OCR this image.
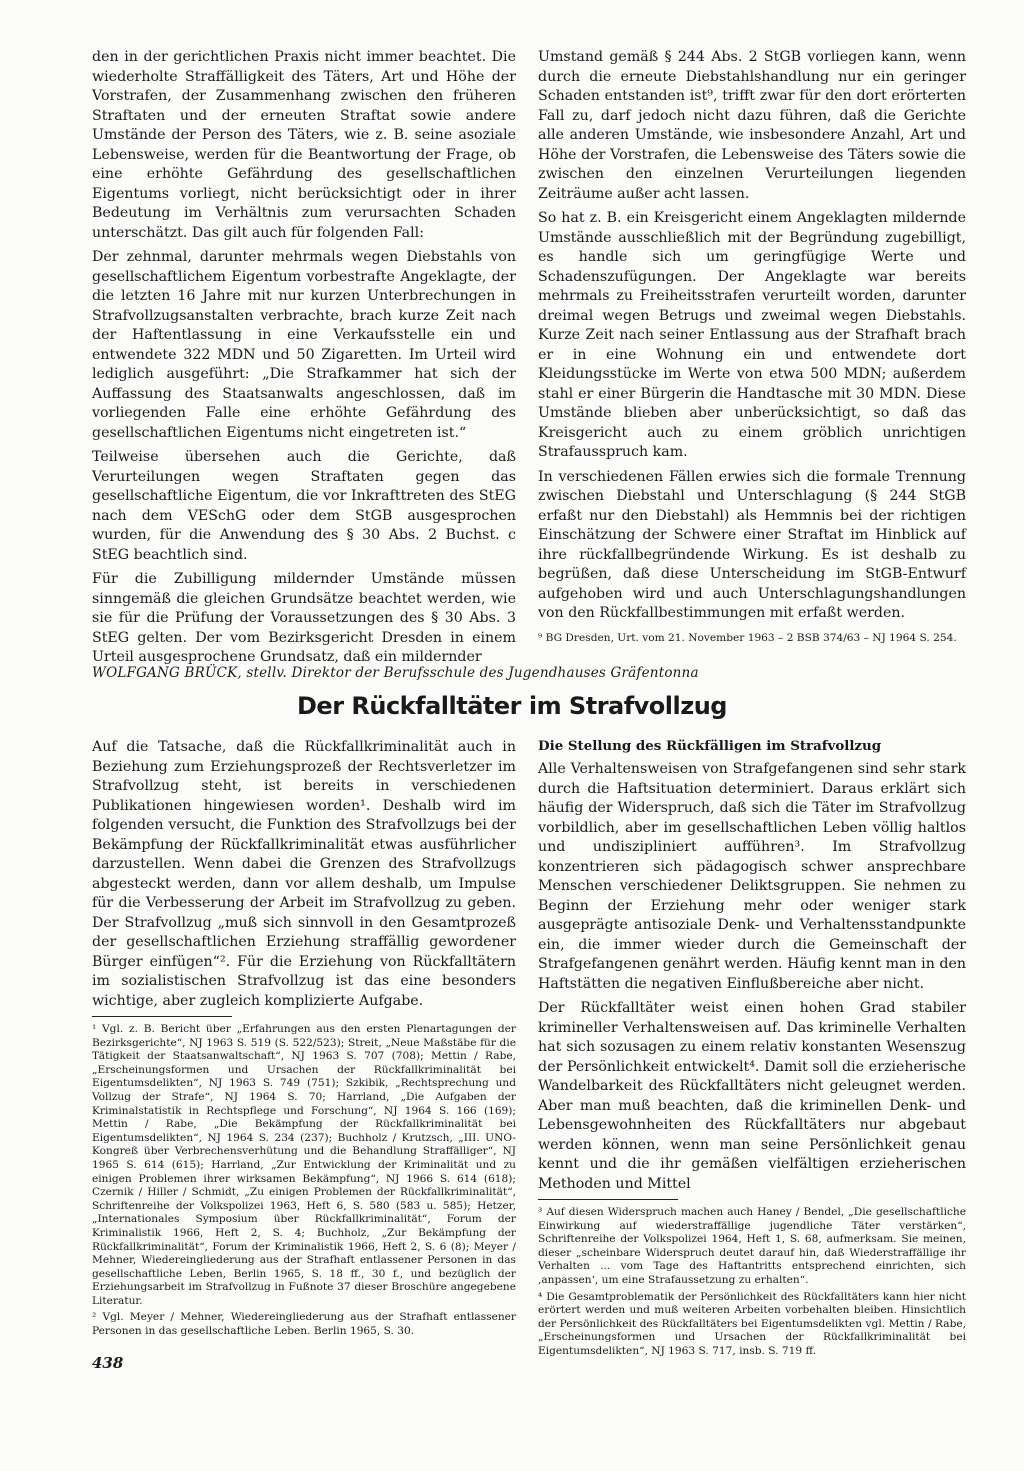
den in der gerichtlichen Praxis nicht immer beachtet. Die wiederholte Straffälligkeit des Täters, Art und Höhe der Vorstrafen, der Zusammenhang zwischen den früheren Straftaten und der erneuten Straftat sowie andere Umstände der Person des Täters, wie z. B. seine asoziale Lebensweise, werden für die Beantwortung der Frage, ob eine erhöhte Gefährdung des gesellschaftlichen Eigentums vorliegt, nicht berücksichtigt oder in ihrer Bedeutung im Verhältnis zum verursachten Schaden unterschätzt. Das gilt auch für folgenden Fall:

Der zehnmal, darunter mehrmals wegen Diebstahls von gesellschaftlichem Eigentum vorbestrafte Angeklagte, der die letzten 16 Jahre mit nur kurzen Unterbrechungen in Strafvollzugsanstalten verbrachte, brach kurze Zeit nach der Haftentlassung in eine Verkaufsstelle ein und entwendete 322 MDN und 50 Zigaretten. Im Urteil wird lediglich ausgeführt: „Die Strafkammer hat sich der Auffassung des Staatsanwalts angeschlossen, daß im vorliegenden Falle eine erhöhte Gefährdung des gesellschaftlichen Eigentums nicht eingetreten ist.“

Teilweise übersehen auch die Gerichte, daß Verurteilungen wegen Straftaten gegen das gesellschaftliche Eigentum, die vor Inkrafttreten des StEG nach dem VESchG oder dem StGB ausgesprochen wurden, für die Anwendung des § 30 Abs. 2 Buchst. c StEG beachtlich sind.

Für die Zubilligung mildernder Umstände müssen sinngemäß die gleichen Grundsätze beachtet werden, wie sie für die Prüfung der Voraussetzungen des § 30 Abs. 3 StEG gelten. Der vom Bezirksgericht Dresden in einem Urteil ausgesprochene Grundsatz, daß ein mildernder

Umstand gemäß § 244 Abs. 2 StGB vorliegen kann, wenn durch die erneute Diebstahlshandlung nur ein geringer Schaden entstanden ist⁹, trifft zwar für den dort erörterten Fall zu, darf jedoch nicht dazu führen, daß die Gerichte alle anderen Umstände, wie insbesondere Anzahl, Art und Höhe der Vorstrafen, die Lebensweise des Täters sowie die zwischen den einzelnen Verurteilungen liegenden Zeiträume außer acht lassen.

So hat z. B. ein Kreisgericht einem Angeklagten mildernde Umstände ausschließlich mit der Begründung zugebilligt, es handle sich um geringfügige Werte und Schadenszufügungen. Der Angeklagte war bereits mehrmals zu Freiheitsstrafen verurteilt worden, darunter dreimal wegen Betrugs und zweimal wegen Diebstahls. Kurze Zeit nach seiner Entlassung aus der Strafhaft brach er in eine Wohnung ein und entwendete dort Kleidungsstücke im Werte von etwa 500 MDN; außerdem stahl er einer Bürgerin die Handtasche mit 30 MDN. Diese Umstände blieben aber unberücksichtigt, so daß das Kreisgericht auch zu einem gröblich unrichtigen Strafausspruch kam.

In verschiedenen Fällen erwies sich die formale Trennung zwischen Diebstahl und Unterschlagung (§ 244 StGB erfaßt nur den Diebstahl) als Hemmnis bei der richtigen Einschätzung der Schwere einer Straftat im Hinblick auf ihre rückfallbegründende Wirkung. Es ist deshalb zu begrüßen, daß diese Unterscheidung im StGB-Entwurf aufgehoben wird und auch Unterschlagungshandlungen von den Rückfallbestimmungen mit erfaßt werden.

⁹ BG Dresden, Urt. vom 21. November 1963 – 2 BSB 374/63 – NJ 1964 S. 254.

WOLFGANG BRÜCK, stellv. Direktor der Berufsschule des Jugendhauses Gräfentonna
Der Rückfalltäter im Strafvollzug

Auf die Tatsache, daß die Rückfallkriminalität auch in Beziehung zum Erziehungsprozeß der Rechtsverletzer im Strafvollzug steht, ist bereits in verschiedenen Publikationen hingewiesen worden¹. Deshalb wird im folgenden versucht, die Funktion des Strafvollzugs bei der Bekämpfung der Rückfallkriminalität etwas ausführlicher darzustellen. Wenn dabei die Grenzen des Strafvollzugs abgesteckt werden, dann vor allem deshalb, um Impulse für die Verbesserung der Arbeit im Strafvollzug zu geben. Der Strafvollzug „muß sich sinnvoll in den Gesamtprozeß der gesellschaftlichen Erziehung straffällig gewordener Bürger einfügen“². Für die Erziehung von Rückfalltätern im sozialistischen Strafvollzug ist das eine besonders wichtige, aber zugleich komplizierte Aufgabe.

¹ Vgl. z. B. Bericht über „Erfahrungen aus den ersten Plenartagungen der Bezirksgerichte“, NJ 1963 S. 519 (S. 522/523); Streit, „Neue Maßstäbe für die Tätigkeit der Staatsanwaltschaft“, NJ 1963 S. 707 (708); Mettin / Rabe, „Erscheinungsformen und Ursachen der Rückfallkriminalität bei Eigentumsdelikten“, NJ 1963 S. 749 (751); Szkibik, „Rechtsprechung und Vollzug der Strafe“, NJ 1964 S. 70; Harrland, „Die Aufgaben der Kriminalstatistik in Rechtspflege und Forschung“, NJ 1964 S. 166 (169); Mettin / Rabe, „Die Bekämpfung der Rückfallkriminalität bei Eigentumsdelikten“, NJ 1964 S. 234 (237); Buchholz / Krutzsch, „III. UNO-Kongreß über Verbrechensverhütung und die Behandlung Straffälliger“, NJ 1965 S. 614 (615); Harrland, „Zur Entwicklung der Kriminalität und zu einigen Problemen ihrer wirksamen Bekämpfung“, NJ 1966 S. 614 (618); Czernik / Hiller / Schmidt, „Zu einigen Problemen der Rückfallkriminalität“, Schriftenreihe der Volkspolizei 1963, Heft 6, S. 580 (583 u. 585); Hetzer, „Internationales Symposium über Rückfallkriminalität“, Forum der Kriminalistik 1966, Heft 2, S. 4; Buchholz, „Zur Bekämpfung der Rückfallkriminalität“, Forum der Kriminalistik 1966, Heft 2, S. 6 (8); Meyer / Mehner, Wiedereingliederung aus der Strafhaft entlassener Personen in das gesellschaftliche Leben, Berlin 1965, S. 18 ff., 30 f., und bezüglich der Erziehungsarbeit im Strafvollzug in Fußnote 37 dieser Broschüre angegebene Literatur.

² Vgl. Meyer / Mehner, Wiedereingliederung aus der Strafhaft entlassener Personen in das gesellschaftliche Leben. Berlin 1965, S. 30.

Die Stellung des Rückfälligen im Strafvollzug

Alle Verhaltensweisen von Strafgefangenen sind sehr stark durch die Haftsituation determiniert. Daraus erklärt sich häufig der Widerspruch, daß sich die Täter im Strafvollzug vorbildlich, aber im gesellschaftlichen Leben völlig haltlos und undiszipliniert aufführen³. Im Strafvollzug konzentrieren sich pädagogisch schwer ansprechbare Menschen verschiedener Deliktsgruppen. Sie nehmen zu Beginn der Erziehung mehr oder weniger stark ausgeprägte antisoziale Denk- und Verhaltensstandpunkte ein, die immer wieder durch die Gemeinschaft der Strafgefangenen genährt werden. Häufig kennt man in den Haftstätten die negativen Einflußbereiche aber nicht.

Der Rückfalltäter weist einen hohen Grad stabiler krimineller Verhaltensweisen auf. Das kriminelle Verhalten hat sich sozusagen zu einem relativ konstanten Wesenszug der Persönlichkeit entwickelt⁴. Damit soll die erzieherische Wandelbarkeit des Rückfalltäters nicht geleugnet werden. Aber man muß beachten, daß die kriminellen Denk- und Lebensgewohnheiten des Rückfalltäters nur abgebaut werden können, wenn man seine Persönlichkeit genau kennt und die ihr gemäßen vielfältigen erzieherischen Methoden und Mittel

³ Auf diesen Widerspruch machen auch Haney / Bendel, „Die gesellschaftliche Einwirkung auf wiederstraffällige jugendliche Täter verstärken“, Schriftenreihe der Volkspolizei 1964, Heft 1, S. 68, aufmerksam. Sie meinen, dieser „scheinbare Widerspruch deutet darauf hin, daß Wiederstraffällige ihr Verhalten ... vom Tage des Haftantritts entsprechend einrichten, sich ‚anpassen‘, um eine Strafaussetzung zu erhalten“.

⁴ Die Gesamtproblematik der Persönlichkeit des Rückfalltäters kann hier nicht erörtert werden und muß weiteren Arbeiten vorbehalten bleiben. Hinsichtlich der Persönlichkeit des Rückfalltäters bei Eigentumsdelikten vgl. Mettin / Rabe, „Erscheinungsformen und Ursachen der Rückfallkriminalität bei Eigentumsdelikten“, NJ 1963 S. 717, insb. S. 719 ff.

438
